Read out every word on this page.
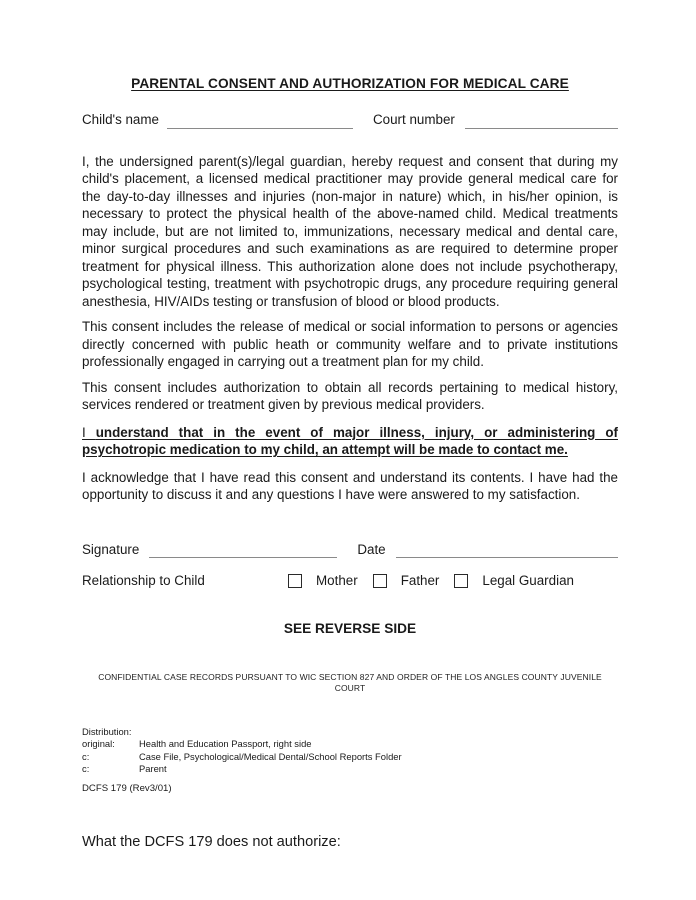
PARENTAL CONSENT AND AUTHORIZATION FOR MEDICAL CARE
Child's name	Court number

I, the undersigned parent(s)/legal guardian, hereby request and consent that during my child's placement, a licensed medical practitioner may provide general medical care for the day-to-day illnesses and injuries (non-major in nature) which, in his/her opinion, is necessary to protect the physical health of the above-named child. Medical treatments may include, but are not limited to, immunizations, necessary medical and dental care, minor surgical procedures and such examinations as are required to determine proper treatment for physical illness. This authorization alone does not include psychotherapy, psychological testing, treatment with psychotropic drugs, any procedure requiring general anesthesia, HIV/AIDs testing or transfusion of blood or blood products.

This consent includes the release of medical or social information to persons or agencies directly concerned with public heath or community welfare and to private institutions professionally engaged in carrying out a treatment plan for my child.

This consent includes authorization to obtain all records pertaining to medical history, services rendered or treatment given by previous medical providers.

I understand that in the event of major illness, injury, or administering of psychotropic medication to my child, an attempt will be made to contact me.

I acknowledge that I have read this consent and understand its contents. I have had the opportunity to discuss it and any questions I have were answered to my satisfaction.

Signature	Date
Relationship to Child	Mother	Father	Legal Guardian
SEE REVERSE SIDE
CONFIDENTIAL CASE RECORDS PURSUANT TO WIC SECTION 827 AND ORDER OF THE LOS ANGLES COUNTY JUVENILE COURT
Distribution:
original:	Health and Education Passport, right side
c:	Case File, Psychological/Medical Dental/School Reports Folder
c:	Parent
DCFS 179 (Rev3/01)
What the DCFS 179 does not authorize:
